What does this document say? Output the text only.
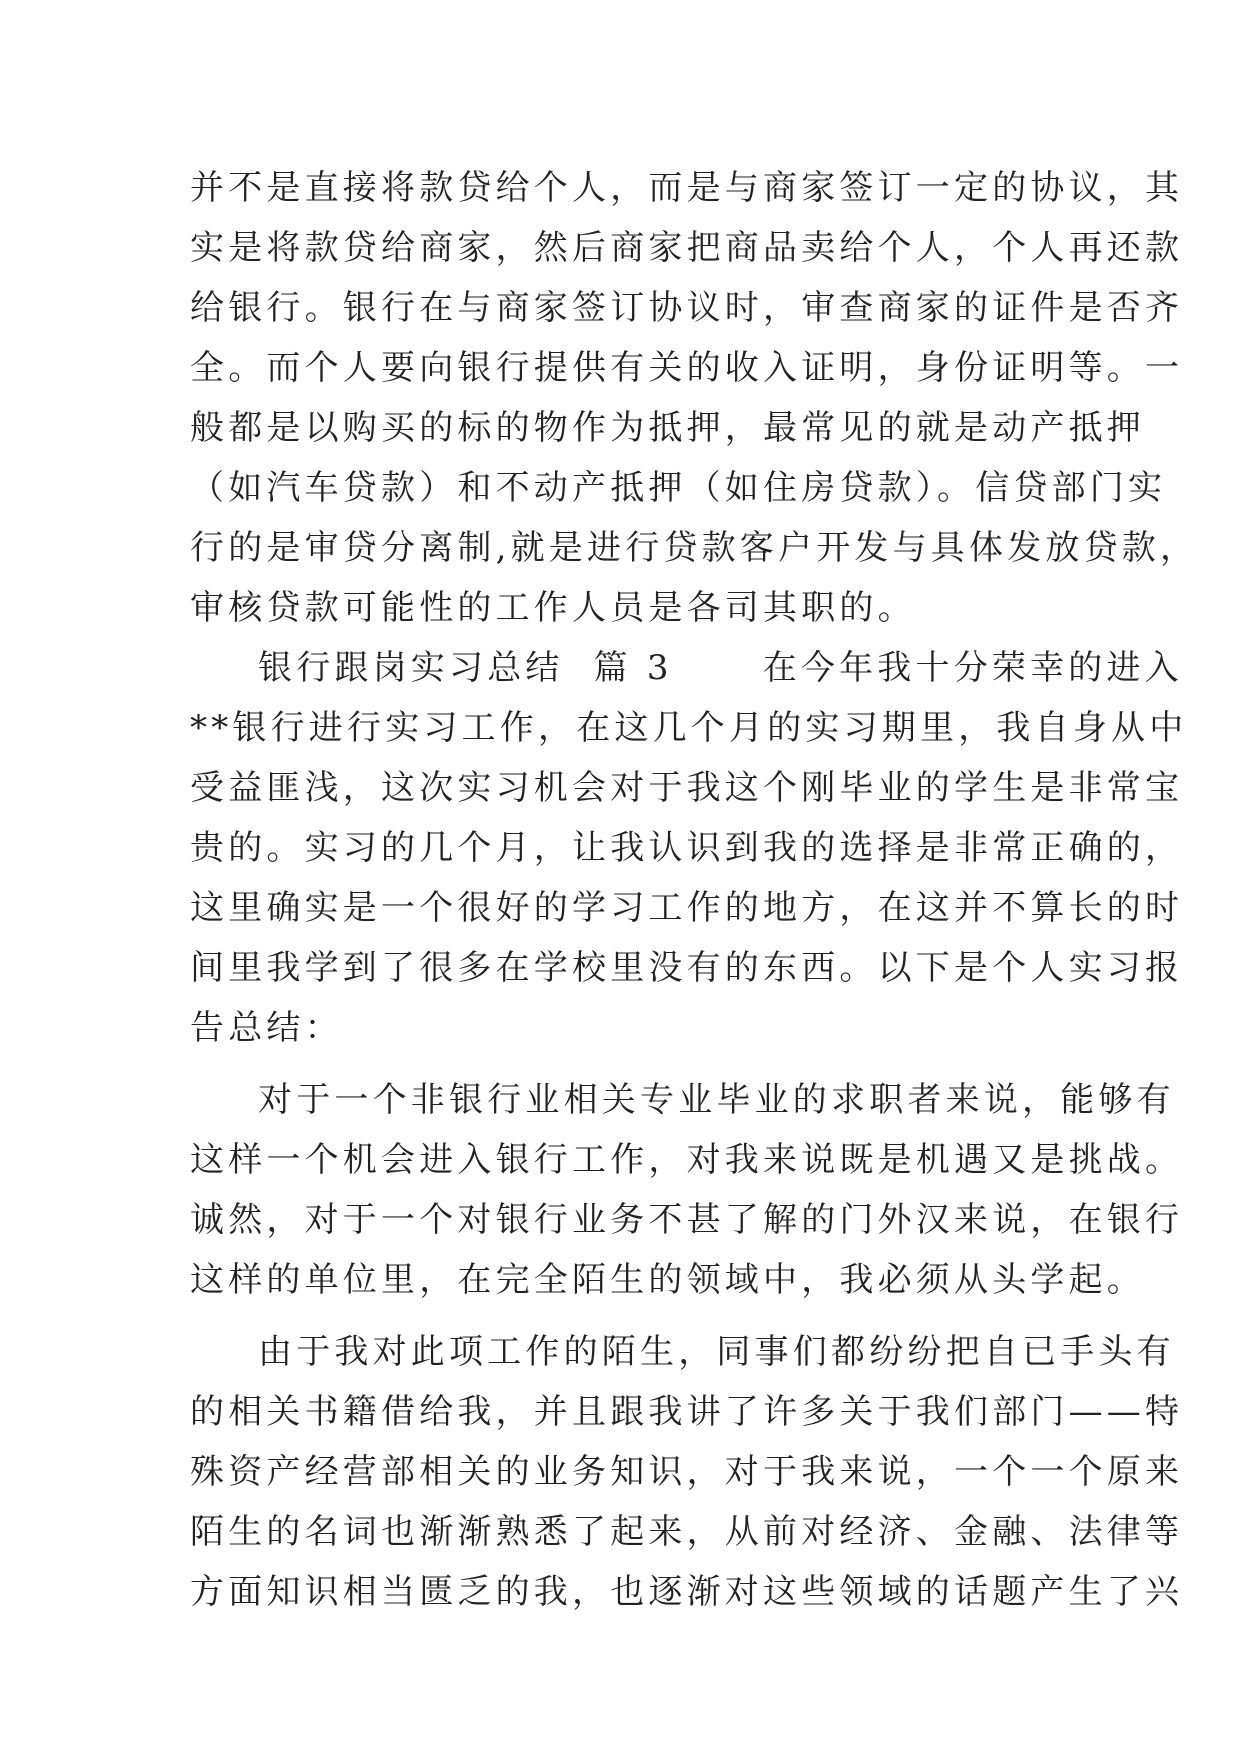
并不是直接将款贷给个人，而是与商家签订一定的协议，其
实是将款贷给商家，然后商家把商品卖给个人，个人再还款
给银行。银行在与商家签订协议时，审查商家的证件是否齐
全。而个人要向银行提供有关的收入证明，身份证明等。一
般都是以购买的标的物作为抵押，最常见的就是动产抵押
（如汽车贷款）和不动产抵押（如住房贷款）。信贷部门实
行的是审贷分离制,就是进行贷款客户开发与具体发放贷款，
审核贷款可能性的工作人员是各司其职的。
银行跟岗实习总结  篇 3      在今年我十分荣幸的进入
**银行进行实习工作，在这几个月的实习期里，我自身从中
受益匪浅，这次实习机会对于我这个刚毕业的学生是非常宝
贵的。实习的几个月，让我认识到我的选择是非常正确的，
这里确实是一个很好的学习工作的地方，在这并不算长的时
间里我学到了很多在学校里没有的东西。以下是个人实习报
告总结：
对于一个非银行业相关专业毕业的求职者来说，能够有
这样一个机会进入银行工作，对我来说既是机遇又是挑战。
诚然，对于一个对银行业务不甚了解的门外汉来说，在银行
这样的单位里，在完全陌生的领域中，我必须从头学起。
由于我对此项工作的陌生，同事们都纷纷把自已手头有
的相关书籍借给我，并且跟我讲了许多关于我们部门——特
殊资产经营部相关的业务知识，对于我来说，一个一个原来
陌生的名词也渐渐熟悉了起来，从前对经济、金融、法律等
方面知识相当匮乏的我，也逐渐对这些领域的话题产生了兴
